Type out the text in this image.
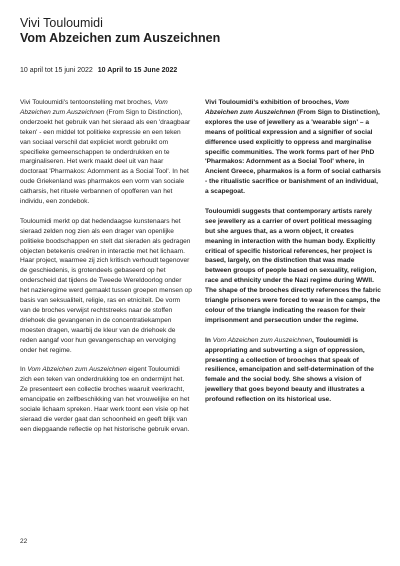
Vivi Touloumidi
Vom Abzeichen zum Auszeichnen
10 april tot 15 juni 2022 10 April to 15 June 2022

Vivi Touloumidi's tentoonstelling met broches, Vom Abzeichen zum Auszeichnen (From Sign to Distinction), onderzoekt het gebruik van het sieraad als een 'draagbaar teken' - een middel tot politieke expressie en een teken van sociaal verschil dat expliciet wordt gebruikt om specifieke gemeenschappen te onderdrukken en te marginaliseren. Het werk maakt deel uit van haar doctoraat 'Pharmakos: Adornment as a Social Tool'. In het oude Griekenland was pharmakos een vorm van sociale catharsis, het rituele verbannen of opofferen van het individu, een zondebok.

Touloumidi merkt op dat hedendaagse kunstenaars het sieraad zelden nog zien als een drager van openlijke politieke boodschappen en stelt dat sieraden als gedragen objecten betekenis creëren in interactie met het lichaam. Haar project, waarmee zij zich kritisch verhoudt tegenover de geschiedenis, is grotendeels gebaseerd op het onderscheid dat tijdens de Tweede Wereldoorlog onder het nazieregime werd gemaakt tussen groepen mensen op basis van seksualiteit, religie, ras en etniciteit. De vorm van de broches verwijst rechtstreeks naar de stoffen driehoek die gevangenen in de concentratiekampen moesten dragen, waarbij de kleur van de driehoek de reden aangaf voor hun gevangenschap en vervolging onder het regime.

In Vom Abzeichen zum Auszeichnen eigent Touloumidi zich een teken van onderdrukking toe en ondermijnt het. Ze presenteert een collectie broches waaruit veerkracht, emancipatie en zelfbeschikking van het vrouwelijke en het sociale lichaam spreken. Haar werk toont een visie op het sieraad die verder gaat dan schoonheid en geeft blijk van een diepgaande reflectie op het historische gebruik ervan.

Vivi Touloumidi's exhibition of brooches, Vom Abzeichen zum Auszeichnen (From Sign to Distinction), explores the use of jewellery as a 'wearable sign' – a means of political expression and a signifier of social difference used explicitly to oppress and marginalise specific communities. The work forms part of her PhD 'Pharmakos: Adornment as a Social Tool' where, in Ancient Greece, pharmakos is a form of social catharsis - the ritualistic sacrifice or banishment of an individual, a scapegoat.

Touloumidi suggests that contemporary artists rarely see jewellery as a carrier of overt political messaging but she argues that, as a worn object, it creates meaning in interaction with the human body. Explicitly critical of specific historical references, her project is based, largely, on the distinction that was made between groups of people based on sexuality, religion, race and ethnicity under the Nazi regime during WWII. The shape of the brooches directly references the fabric triangle prisoners were forced to wear in the camps, the colour of the triangle indicating the reason for their imprisonment and persecution under the regime.

In Vom Abzeichen zum Auszeichnen, Touloumidi is appropriating and subverting a sign of oppression, presenting a collection of brooches that speak of resilience, emancipation and self-determination of the female and the social body. She shows a vision of jewellery that goes beyond beauty and illustrates a profound reflection on its historical use.

22
